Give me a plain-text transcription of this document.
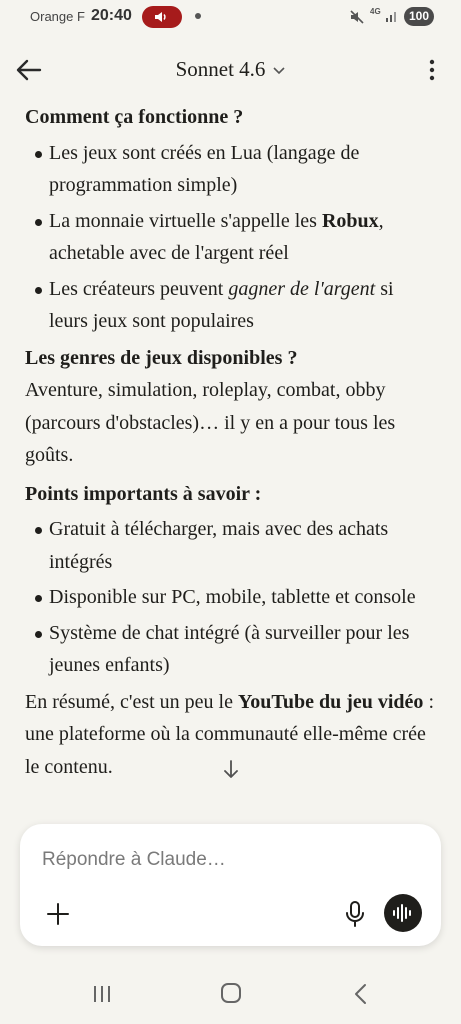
Orange F 20:40	4G	100
Sonnet 4.6
Comment ça fonctionne ?
Les jeux sont créés en Lua (langage de programmation simple)
La monnaie virtuelle s'appelle les Robux, achetable avec de l'argent réel
Les créateurs peuvent gagner de l'argent si leurs jeux sont populaires
Les genres de jeux disponibles ?

Aventure, simulation, roleplay, combat, obby (parcours d'obstacles)… il y en a pour tous les goûts.

Points importants à savoir :
Gratuit à télécharger, mais avec des achats intégrés
Disponible sur PC, mobile, tablette et console
Système de chat intégré (à surveiller pour les jeunes enfants)

En résumé, c'est un peu le YouTube du jeu vidéo : une plateforme où la communauté elle-même crée le contenu.

Répondre à Claude…
